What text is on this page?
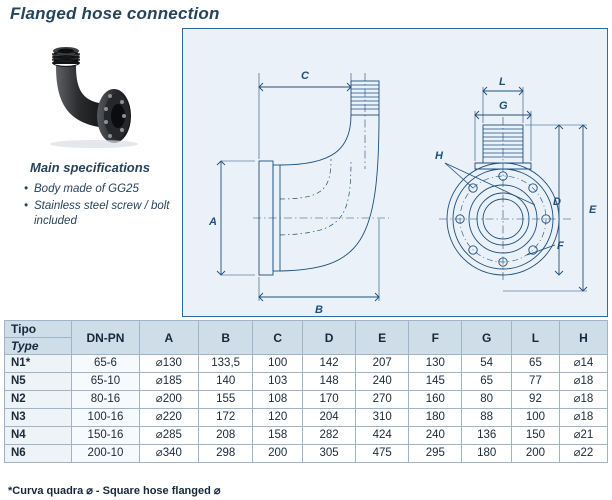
Flanged hose connection
Main specifications
• Body made of GG25
• Stainless steel screw / bolt included	A
B
C
D
E
F
G
H
L
Tipo	DN-PN	A	B	C	D	E	F	G	L	H
Type										
N1*	65-6	⌀130	133,5	100	142	207	130	54	65	⌀14
N5	65-10	⌀185	140	103	148	240	145	65	77	⌀18
N2	80-16	⌀200	155	108	170	270	160	80	92	⌀18
N3	100-16	⌀220	172	120	204	310	180	88	100	⌀18
N4	150-16	⌀285	208	158	282	424	240	136	150	⌀21
N6	200-10	⌀340	298	200	305	475	295	180	200	⌀22
*Curva quadra ⌀ - Square hose flanged ⌀
